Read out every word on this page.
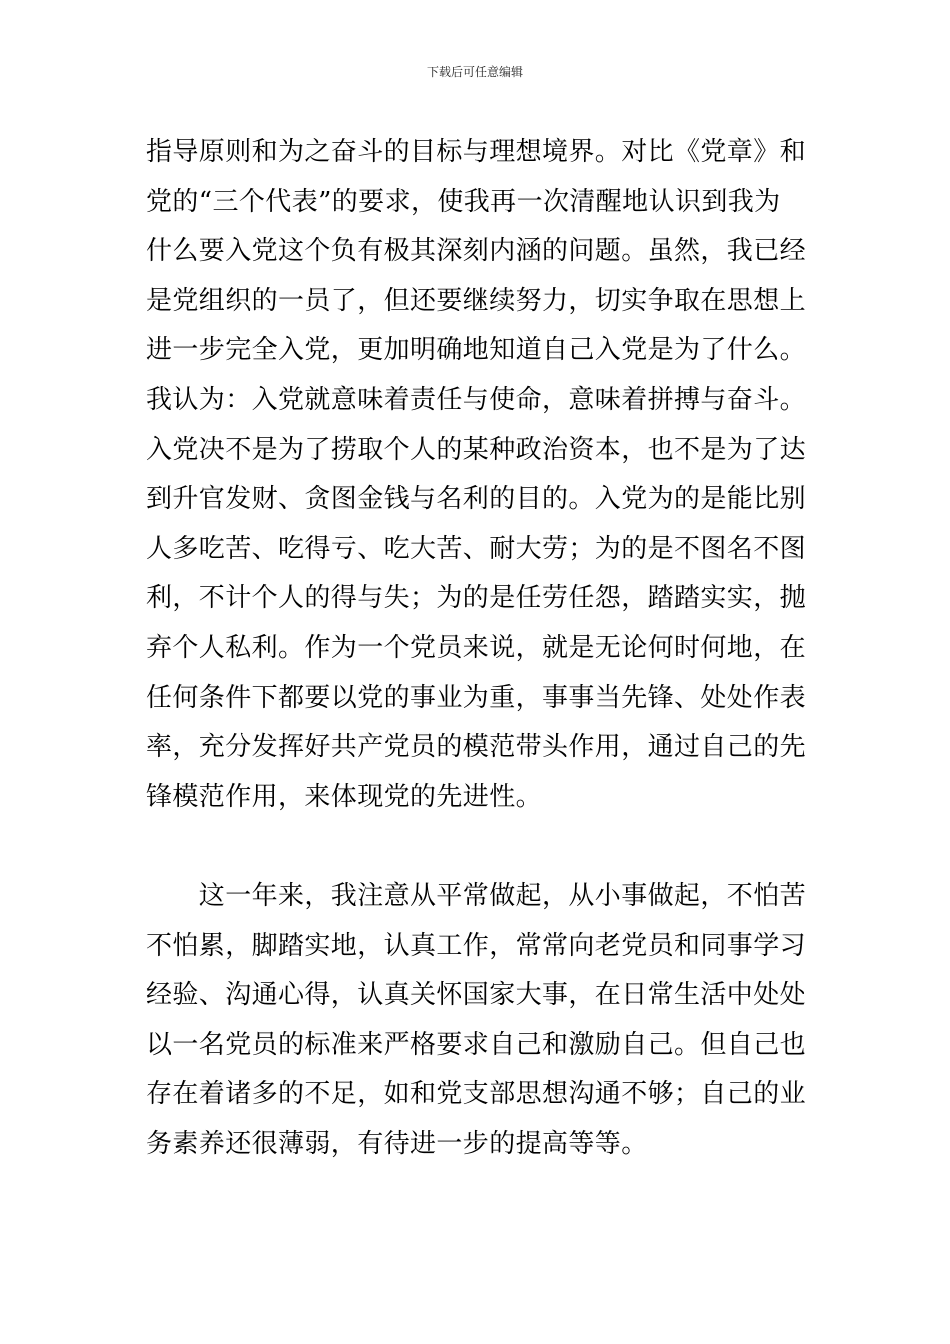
下载后可任意编辑
指导原则和为之奋斗的目标与理想境界。对比《党章》和
党的“三个代表”的要求，使我再一次清醒地认识到我为
什么要入党这个负有极其深刻内涵的问题。虽然，我已经
是党组织的一员了，但还要继续努力，切实争取在思想上
进一步完全入党，更加明确地知道自己入党是为了什么。
我认为：入党就意味着责任与使命，意味着拼搏与奋斗。
入党决不是为了捞取个人的某种政治资本，也不是为了达
到升官发财、贪图金钱与名利的目的。入党为的是能比别
人多吃苦、吃得亏、吃大苦、耐大劳；为的是不图名不图
利，不计个人的得与失；为的是任劳任怨，踏踏实实，抛
弃个人私利。作为一个党员来说，就是无论何时何地，在
任何条件下都要以党的事业为重，事事当先锋、处处作表
率，充分发挥好共产党员的模范带头作用，通过自己的先
锋模范作用，来体现党的先进性。
　　这一年来，我注意从平常做起，从小事做起，不怕苦
不怕累，脚踏实地，认真工作，常常向老党员和同事学习
经验、沟通心得，认真关怀国家大事，在日常生活中处处
以一名党员的标准来严格要求自己和激励自己。但自己也
存在着诸多的不足，如和党支部思想沟通不够；自己的业
务素养还很薄弱，有待进一步的提高等等。
